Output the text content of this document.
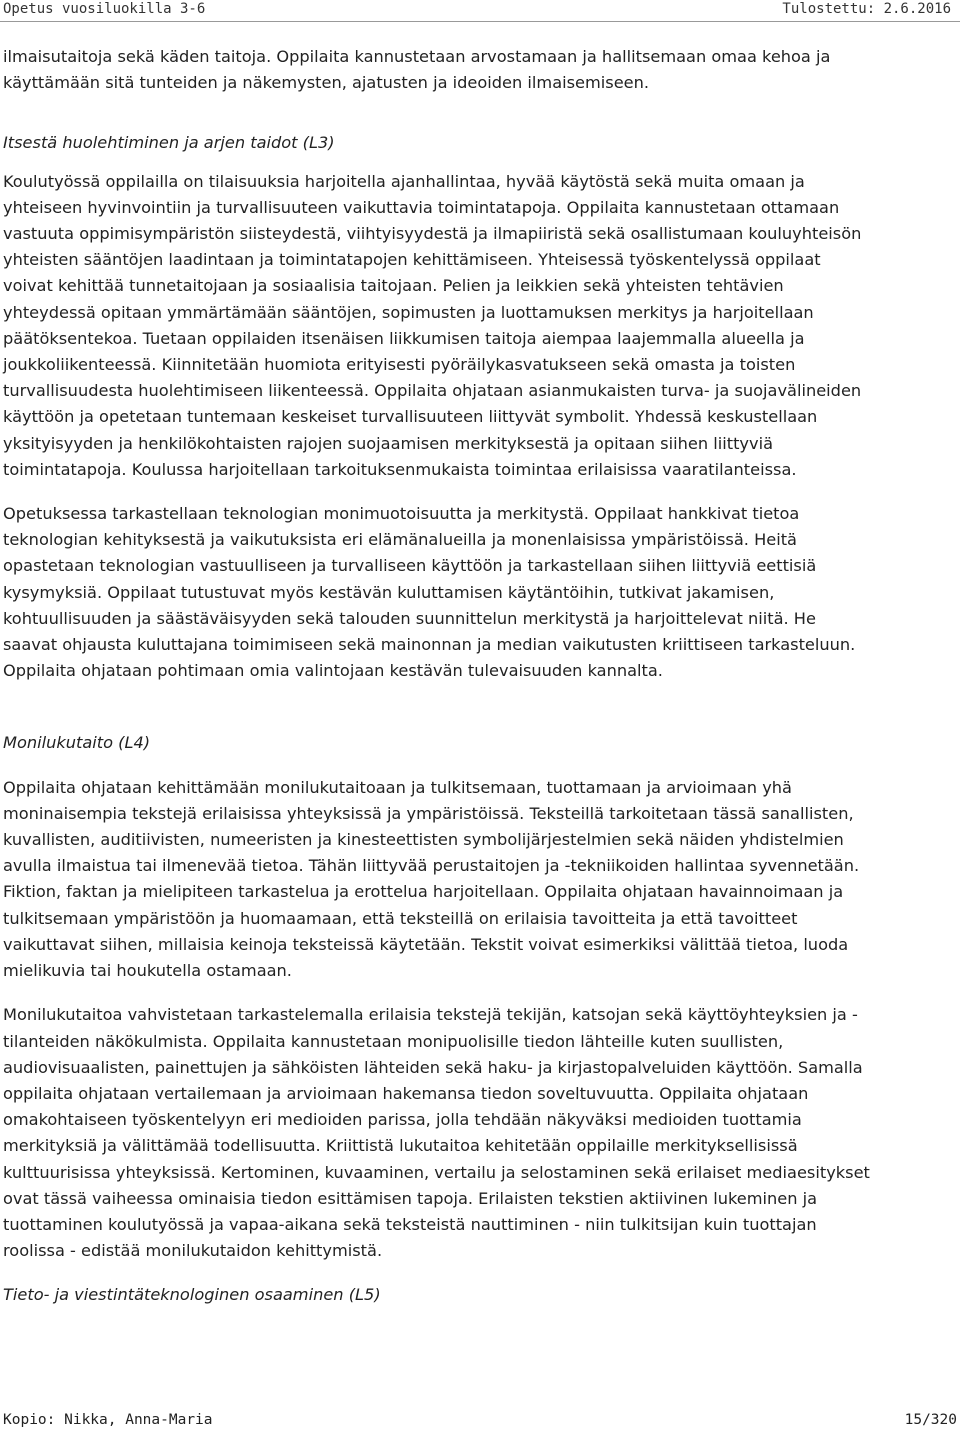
Opetus vuosiluokilla 3-6	Tulostettu: 2.6.2016
ilmaisutaitoja sekä käden taitoja. Oppilaita kannustetaan arvostamaan ja hallitsemaan omaa kehoa ja
käyttämään sitä tunteiden ja näkemysten, ajatusten ja ideoiden ilmaisemiseen.
Itsestä huolehtiminen ja arjen taidot (L3)
Koulutyössä oppilailla on tilaisuuksia harjoitella ajanhallintaa, hyvää käytöstä sekä muita omaan ja
yhteiseen hyvinvointiin ja turvallisuuteen vaikuttavia toimintatapoja. Oppilaita kannustetaan ottamaan
vastuuta oppimisympäristön siisteydestä, viihtyisyydestä ja ilmapiiristä sekä osallistumaan kouluyhteisön
yhteisten sääntöjen laadintaan ja toimintatapojen kehittämiseen. Yhteisessä työskentelyssä oppilaat
voivat kehittää tunnetaitojaan ja sosiaalisia taitojaan. Pelien ja leikkien sekä yhteisten tehtävien
yhteydessä opitaan ymmärtämään sääntöjen, sopimusten ja luottamuksen merkitys ja harjoitellaan
päätöksentekoa. Tuetaan oppilaiden itsenäisen liikkumisen taitoja aiempaa laajemmalla alueella ja
joukkoliikenteessä. Kiinnitetään huomiota erityisesti pyöräilykasvatukseen sekä omasta ja toisten
turvallisuudesta huolehtimiseen liikenteessä. Oppilaita ohjataan asianmukaisten turva- ja suojavälineiden
käyttöön ja opetetaan tuntemaan keskeiset turvallisuuteen liittyvät symbolit. Yhdessä keskustellaan
yksityisyyden ja henkilökohtaisten rajojen suojaamisen merkityksestä ja opitaan siihen liittyviä
toimintatapoja. Koulussa harjoitellaan tarkoituksenmukaista toimintaa erilaisissa vaaratilanteissa.
Opetuksessa tarkastellaan teknologian monimuotoisuutta ja merkitystä. Oppilaat hankkivat tietoa
teknologian kehityksestä ja vaikutuksista eri elämänalueilla ja monenlaisissa ympäristöissä. Heitä
opastetaan teknologian vastuulliseen ja turvalliseen käyttöön ja tarkastellaan siihen liittyviä eettisiä
kysymyksiä. Oppilaat tutustuvat myös kestävän kuluttamisen käytäntöihin, tutkivat jakamisen,
kohtuullisuuden ja säästäväisyyden sekä talouden suunnittelun merkitystä ja harjoittelevat niitä. He
saavat ohjausta kuluttajana toimimiseen sekä mainonnan ja median vaikutusten kriittiseen tarkasteluun.
Oppilaita ohjataan pohtimaan omia valintojaan kestävän tulevaisuuden kannalta.
Monilukutaito (L4)
Oppilaita ohjataan kehittämään monilukutaitoaan ja tulkitsemaan, tuottamaan ja arvioimaan yhä
moninaisempia tekstejä erilaisissa yhteyksissä ja ympäristöissä. Teksteillä tarkoitetaan tässä sanallisten,
kuvallisten, auditiivisten, numeeristen ja kinesteettisten symbolijärjestelmien sekä näiden yhdistelmien
avulla ilmaistua tai ilmenevää tietoa. Tähän liittyvää perustaitojen ja -tekniikoiden hallintaa syvennetään.
Fiktion, faktan ja mielipiteen tarkastelua ja erottelua harjoitellaan. Oppilaita ohjataan havainnoimaan ja
tulkitsemaan ympäristöön ja huomaamaan, että teksteillä on erilaisia tavoitteita ja että tavoitteet
vaikuttavat siihen, millaisia keinoja teksteissä käytetään. Tekstit voivat esimerkiksi välittää tietoa, luoda
mielikuvia tai houkutella ostamaan.
Monilukutaitoa vahvistetaan tarkastelemalla erilaisia tekstejä tekijän, katsojan sekä käyttöyhteyksien ja -
tilanteiden näkökulmista. Oppilaita kannustetaan monipuolisille tiedon lähteille kuten suullisten,
audiovisuaalisten, painettujen ja sähköisten lähteiden sekä haku- ja kirjastopalveluiden käyttöön. Samalla
oppilaita ohjataan vertailemaan ja arvioimaan hakemansa tiedon soveltuvuutta. Oppilaita ohjataan
omakohtaiseen työskentelyyn eri medioiden parissa, jolla tehdään näkyväksi medioiden tuottamia
merkityksiä ja välittämää todellisuutta. Kriittistä lukutaitoa kehitetään oppilaille merkityksellisissä
kulttuurisissa yhteyksissä. Kertominen, kuvaaminen, vertailu ja selostaminen sekä erilaiset mediaesitykset
ovat tässä vaiheessa ominaisia tiedon esittämisen tapoja. Erilaisten tekstien aktiivinen lukeminen ja
tuottaminen koulutyössä ja vapaa-aikana sekä teksteistä nauttiminen - niin tulkitsijan kuin tuottajan
roolissa - edistää monilukutaidon kehittymistä.
Tieto- ja viestintäteknologinen osaaminen (L5)
Kopio: Nikka, Anna-Maria	15/320
